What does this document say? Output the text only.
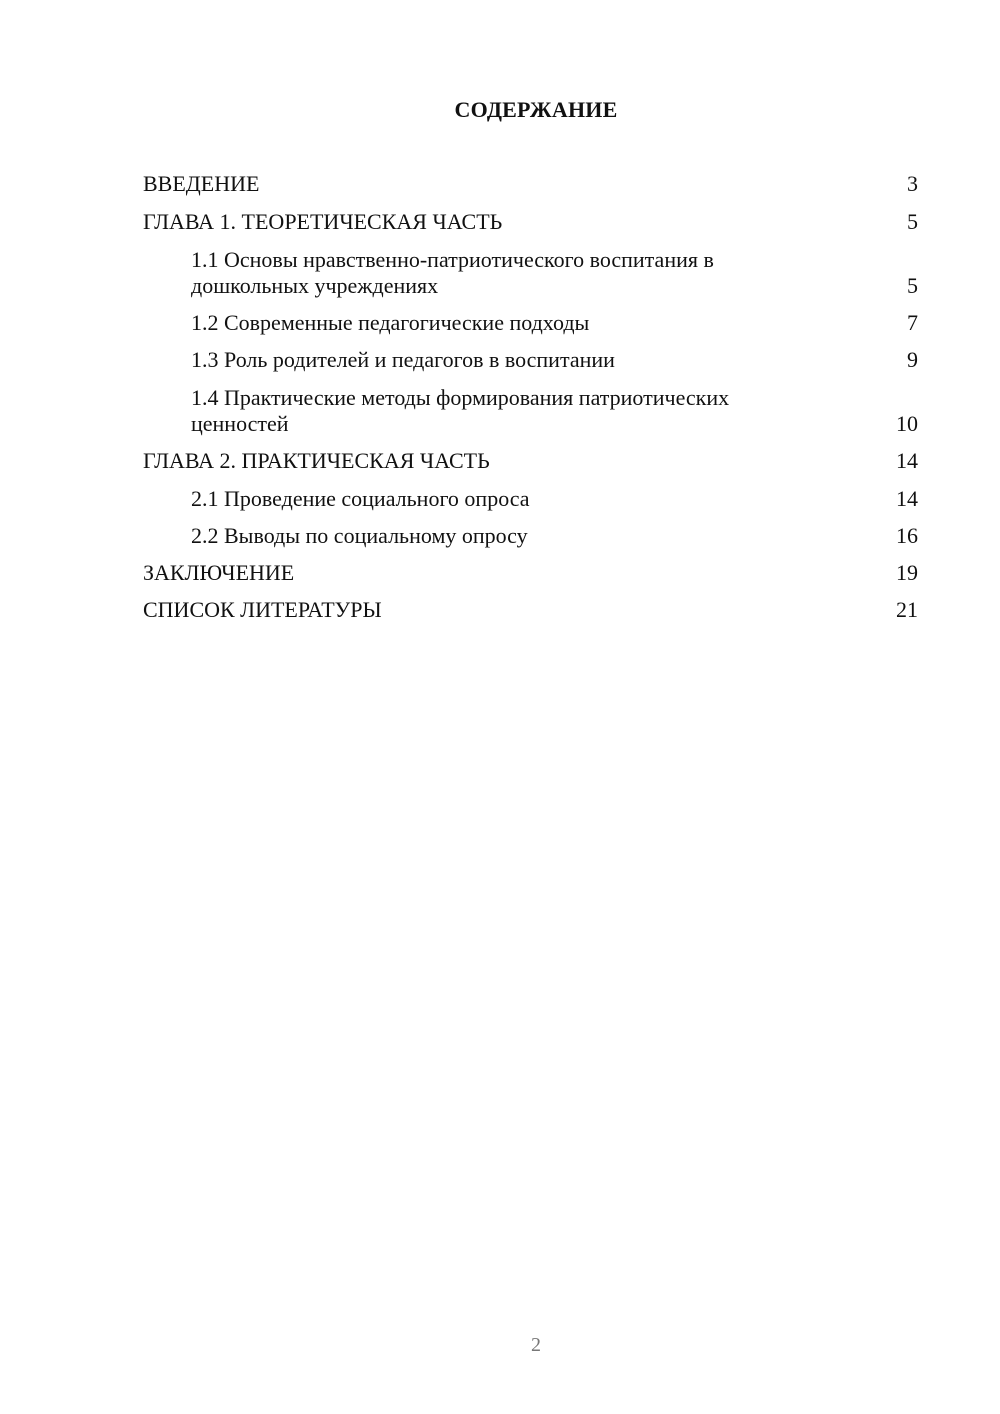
СОДЕРЖАНИЕ
ВВЕДЕНИЕ	3
ГЛАВА 1. ТЕОРЕТИЧЕСКАЯ ЧАСТЬ	5
1.1 Основы нравственно-патриотического воспитания в
дошкольных учреждениях	5
1.2 Современные педагогические подходы	7
1.3 Роль родителей и педагогов в воспитании	9
1.4 Практические методы формирования патриотических
ценностей	10
ГЛАВА 2. ПРАКТИЧЕСКАЯ ЧАСТЬ	14
2.1 Проведение социального опроса	14
2.2 Выводы по социальному опросу	16
ЗАКЛЮЧЕНИЕ	19
СПИСОК ЛИТЕРАТУРЫ	21
2
